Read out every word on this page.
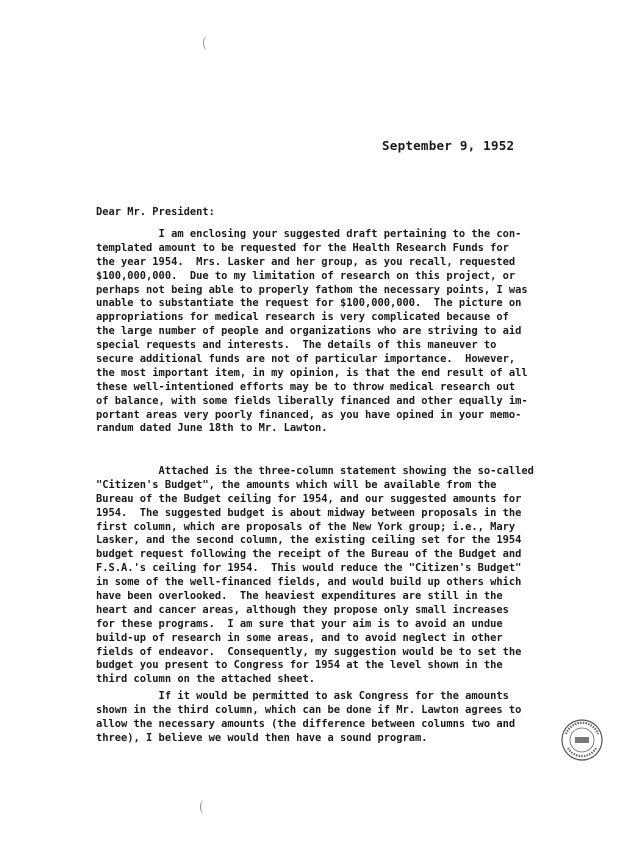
September 9, 1952
Dear Mr. President:
I am enclosing your suggested draft pertaining to the con-
templated amount to be requested for the Health Research Funds for
the year 1954.  Mrs. Lasker and her group, as you recall, requested
$100,000,000.  Due to my limitation of research on this project, or
perhaps not being able to properly fathom the necessary points, I was
unable to substantiate the request for $100,000,000.  The picture on
appropriations for medical research is very complicated because of
the large number of people and organizations who are striving to aid
special requests and interests.  The details of this maneuver to
secure additional funds are not of particular importance.  However,
the most important item, in my opinion, is that the end result of all
these well-intentioned efforts may be to throw medical research out
of balance, with some fields liberally financed and other equally im-
portant areas very poorly financed, as you have opined in your memo-
randum dated June 18th to Mr. Lawton.
Attached is the three-column statement showing the so-called
"Citizen's Budget", the amounts which will be available from the
Bureau of the Budget ceiling for 1954, and our suggested amounts for
1954.  The suggested budget is about midway between proposals in the
first column, which are proposals of the New York group; i.e., Mary
Lasker, and the second column, the existing ceiling set for the 1954
budget request following the receipt of the Bureau of the Budget and
F.S.A.'s ceiling for 1954.  This would reduce the "Citizen's Budget"
in some of the well-financed fields, and would build up others which
have been overlooked.  The heaviest expenditures are still in the
heart and cancer areas, although they propose only small increases
for these programs.  I am sure that your aim is to avoid an undue
build-up of research in some areas, and to avoid neglect in other
fields of endeavor.  Consequently, my suggestion would be to set the
budget you present to Congress for 1954 at the level shown in the
third column on the attached sheet.
If it would be permitted to ask Congress for the amounts
shown in the third column, which can be done if Mr. Lawton agrees to
allow the necessary amounts (the difference between columns two and
three), I believe we would then have a sound program.
